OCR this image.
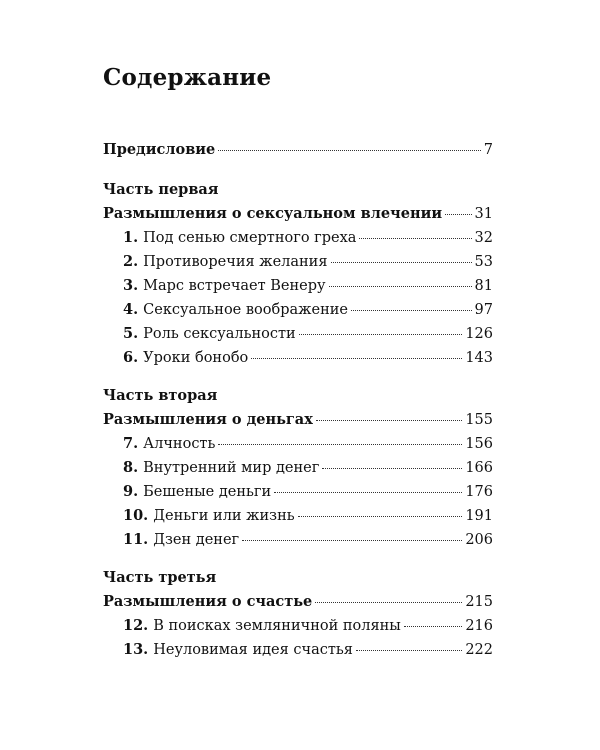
Содержание
Предисловие	7
Часть первая
Размышления о сексуальном влечении 31
1. Под сенью смертного греха	32
2. Противоречия желания	53
3. Марс встречает Венеру	81
4. Сексуальное воображение	97
5. Роль сексуальности	126
6. Уроки бонобо	143
Часть вторая
Размышления о деньгах	155
7. Алчность	156
8. Внутренний мир денег	166
9. Бешеные деньги	176
10. Деньги или жизнь	191
11. Дзен денег	206
Часть третья
Размышления о счастье	215
12. В поисках земляничной поляны	216
13. Неуловимая идея счастья	222
